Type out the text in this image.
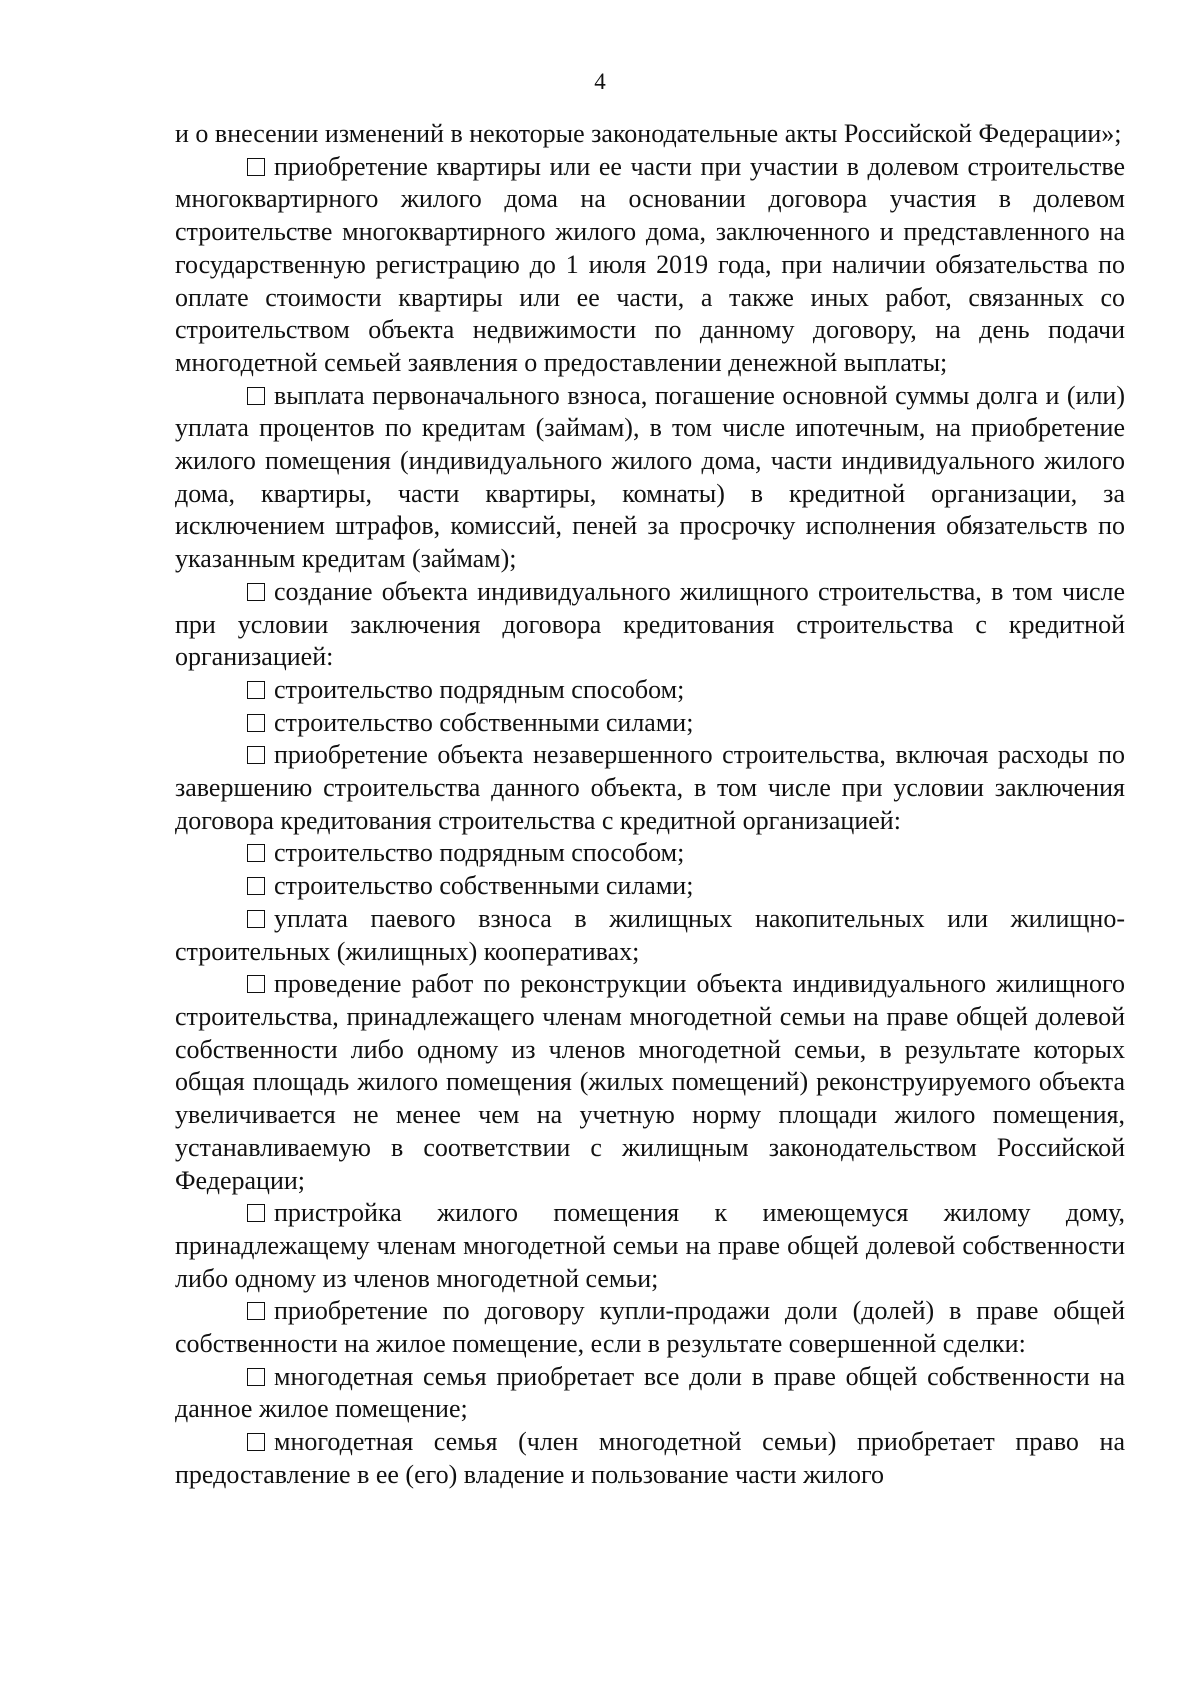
4

и о внесении изменений в некоторые законодательные акты Российской Федерации»;

приобретение квартиры или ее части при участии в долевом строительстве многоквартирного жилого дома на основании договора участия в долевом строительстве многоквартирного жилого дома, заключенного и представленного на государственную регистрацию до 1 июля 2019 года, при наличии обязательства по оплате стоимости квартиры или ее части, а также иных работ, связанных со строительством объекта недвижимости по данному договору, на день подачи многодетной семьей заявления о предоставлении денежной выплаты;

выплата первоначального взноса, погашение основной суммы долга и (или) уплата процентов по кредитам (займам), в том числе ипотечным, на приобретение жилого помещения (индивидуального жилого дома, части индивидуального жилого дома, квартиры, части квартиры, комнаты) в кредитной организации, за исключением штрафов, комиссий, пеней за просрочку исполнения обязательств по указанным кредитам (займам);

создание объекта индивидуального жилищного строительства, в том числе при условии заключения договора кредитования строительства с кредитной организацией:

строительство подрядным способом;

строительство собственными силами;

приобретение объекта незавершенного строительства, включая расходы по завершению строительства данного объекта, в том числе при условии заключения договора кредитования строительства с кредитной организацией:

строительство подрядным способом;

строительство собственными силами;

уплата паевого взноса в жилищных накопительных или жилищно-строительных (жилищных) кооперативах;

проведение работ по реконструкции объекта индивидуального жилищного строительства, принадлежащего членам многодетной семьи на праве общей долевой собственности либо одному из членов многодетной семьи, в результате которых общая площадь жилого помещения (жилых помещений) реконструируемого объекта увеличивается не менее чем на учетную норму площади жилого помещения, устанавливаемую в соответствии с жилищным законодательством Российской Федерации;

пристройка жилого помещения к имеющемуся жилому дому, принадлежащему членам многодетной семьи на праве общей долевой собственности либо одному из членов многодетной семьи;

приобретение по договору купли-продажи доли (долей) в праве общей собственности на жилое помещение, если в результате совершенной сделки:

многодетная семья приобретает все доли в праве общей собственности на данное жилое помещение;

многодетная семья (член многодетной семьи) приобретает право на предоставление в ее (его) владение и пользование части жилого
